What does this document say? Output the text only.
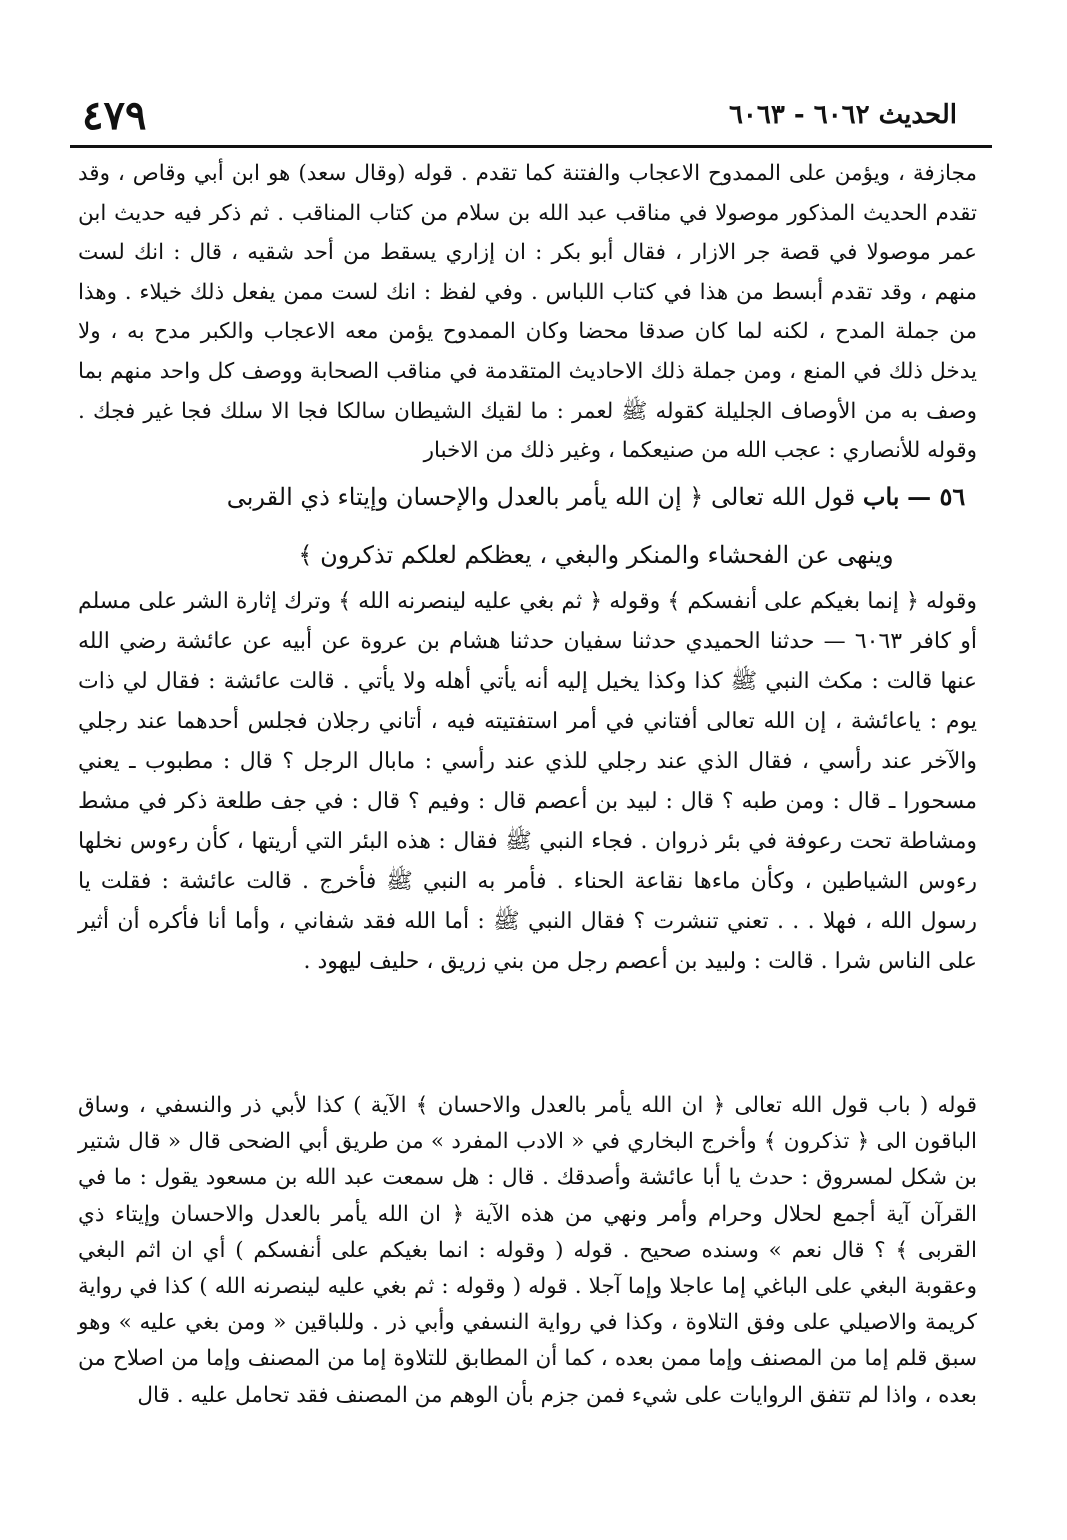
الحديث ٦٠٦٢ - ٦٠٦٣
٤٧٩

مجازفة ، ويؤمن على الممدوح الاعجاب والفتنة كما تقدم . قوله (وقال سعد) هو ابن أبي وقاص ، وقد تقدم الحديث المذكور موصولا في مناقب عبد الله بن سلام من كتاب المناقب . ثم ذكر فيه حديث ابن عمر موصولا في قصة جر الازار ، فقال أبو بكر : ان إزاري يسقط من أحد شقيه ، قال : انك لست منهم ، وقد تقدم أبسط من هذا في كتاب اللباس . وفي لفظ : انك لست ممن يفعل ذلك خيلاء . وهذا من جملة المدح ، لكنه لما كان صدقا محضا وكان الممدوح يؤمن معه الاعجاب والكبر مدح به ، ولا يدخل ذلك في المنع ، ومن جملة ذلك الاحاديث المتقدمة في مناقب الصحابة ووصف كل واحد منهم بما وصف به من الأوصاف الجليلة كقوله ﷺ لعمر : ما لقيك الشيطان سالكا فجا الا سلك فجا غير فجك . وقوله للأنصاري : عجب الله من صنيعكما ، وغير ذلك من الاخبار

٥٦ — باب قول الله تعالى ﴿ إن الله يأمر بالعدل والإحسان وإيتاء ذي القربى
وينهى عن الفحشاء والمنكر والبغي ، يعظكم لعلكم تذكرون ﴾

وقوله ﴿ إنما بغيكم على أنفسكم ﴾ وقوله ﴿ ثم بغي عليه لينصرنه الله ﴾ وترك إثارة الشر على مسلم أو كافر ٦٠٦٣ — حدثنا الحميدي حدثنا سفيان حدثنا هشام بن عروة عن أبيه عن عائشة رضي الله عنها قالت : مكث النبي ﷺ كذا وكذا يخيل إليه أنه يأتي أهله ولا يأتي . قالت عائشة : فقال لي ذات يوم : ياعائشة ، إن الله تعالى أفتاني في أمر استفتيته فيه ، أتاني رجلان فجلس أحدهما عند رجلي والآخر عند رأسي ، فقال الذي عند رجلي للذي عند رأسي : مابال الرجل ؟ قال : مطبوب ـ يعني مسحورا ـ قال : ومن طبه ؟ قال : لبيد بن أعصم قال : وفيم ؟ قال : في جف طلعة ذكر في مشط ومشاطة تحت رعوفة في بئر ذروان . فجاء النبي ﷺ فقال : هذه البئر التي أريتها ، كأن رءوس نخلها رءوس الشياطين ، وكأن ماءها نقاعة الحناء . فأمر به النبي ﷺ فأخرج . قالت عائشة : فقلت يا رسول الله ، فهلا . . . تعني تنشرت ؟ فقال النبي ﷺ : أما الله فقد شفاني ، وأما أنا فأكره أن أثير على الناس شرا . قالت : ولبيد بن أعصم رجل من بني زريق ، حليف ليهود .

قوله ( باب قول الله تعالى ﴿ ان الله يأمر بالعدل والاحسان ﴾ الآية ) كذا لأبي ذر والنسفي ، وساق الباقون الى ﴿ تذكرون ﴾ وأخرج البخاري في « الادب المفرد » من طريق أبي الضحى قال « قال شتير بن شكل لمسروق : حدث يا أبا عائشة وأصدقك . قال : هل سمعت عبد الله بن مسعود يقول : ما في القرآن آية أجمع لحلال وحرام وأمر ونهي من هذه الآية ﴿ ان الله يأمر بالعدل والاحسان وإيتاء ذي القربى ﴾ ؟ قال نعم » وسنده صحيح . قوله ( وقوله : انما بغيكم على أنفسكم ) أي ان اثم البغي وعقوبة البغي على الباغي إما عاجلا وإما آجلا . قوله ( وقوله : ثم بغي عليه لينصرنه الله ) كذا في رواية كريمة والاصيلي على وفق التلاوة ، وكذا في رواية النسفي وأبي ذر . وللباقين « ومن بغي عليه » وهو سبق قلم إما من المصنف وإما ممن بعده ، كما أن المطابق للتلاوة إما من المصنف وإما من اصلاح من بعده ، واذا لم تتفق الروايات على شيء فمن جزم بأن الوهم من المصنف فقد تحامل عليه . قال
